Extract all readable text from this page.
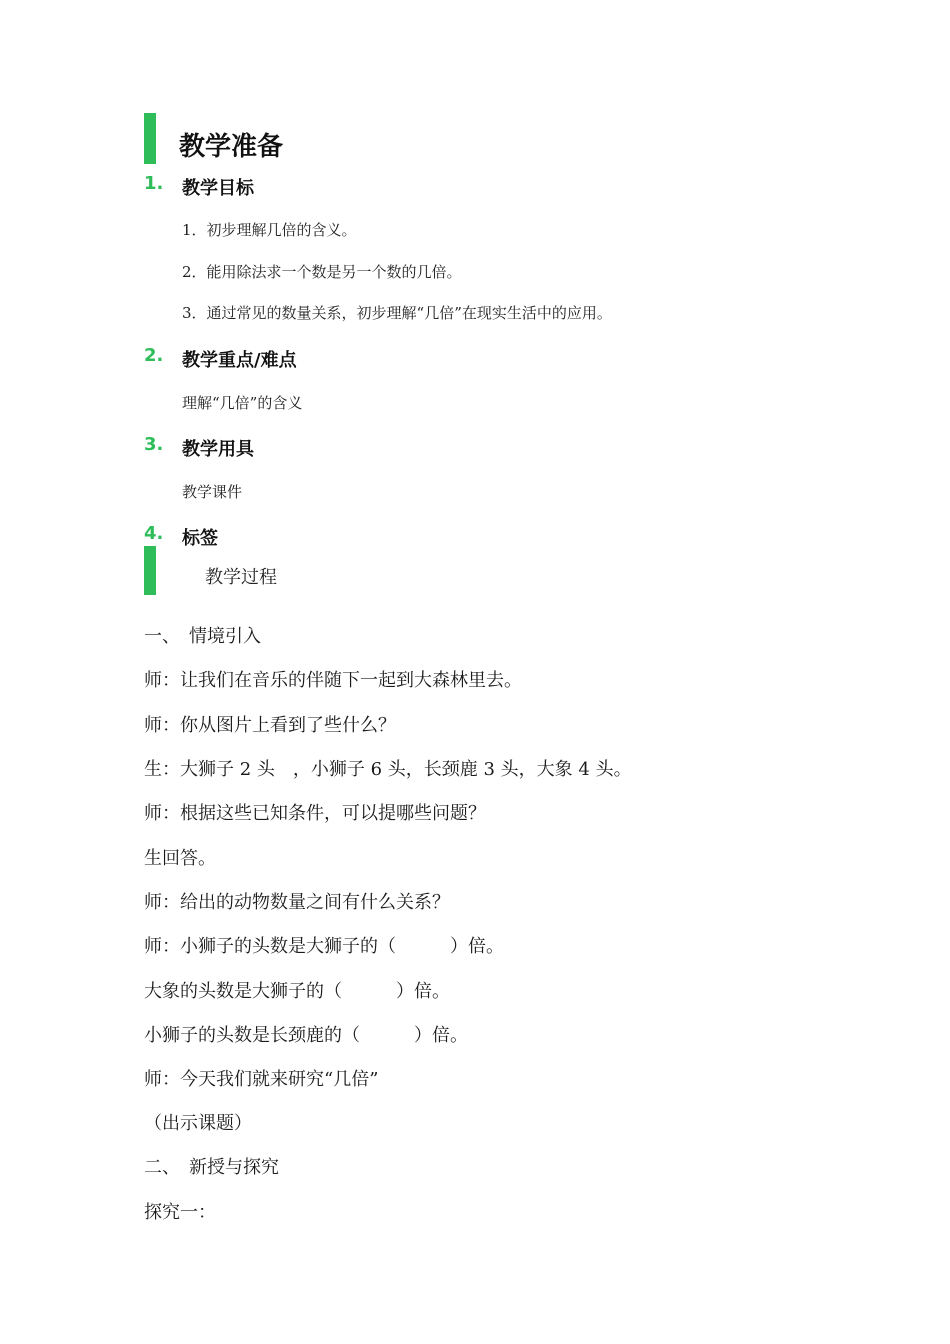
教学准备
1. 教学目标
1．初步理解几倍的含义。
2．能用除法求一个数是另一个数的几倍。
3．通过常见的数量关系，初步理解“几倍”在现实生活中的应用。
2. 教学重点/难点
理解“几倍”的含义
3. 教学用具
教学课件
4. 标签
教学过程
一、　情境引入
师：让我们在音乐的伴随下一起到大森林里去。
师：你从图片上看到了些什么？
生：大狮子 2 头　，小狮子 6 头，长颈鹿 3 头，大象 4 头。
师：根据这些已知条件，可以提哪些问题？
生回答。
师：给出的动物数量之间有什么关系？
师：小狮子的头数是大狮子的（　　　）倍。
大象的头数是大狮子的（　　　）倍。
小狮子的头数是长颈鹿的（　　　）倍。
师：今天我们就来研究“几倍”
（出示课题）
二、　新授与探究
探究一：
